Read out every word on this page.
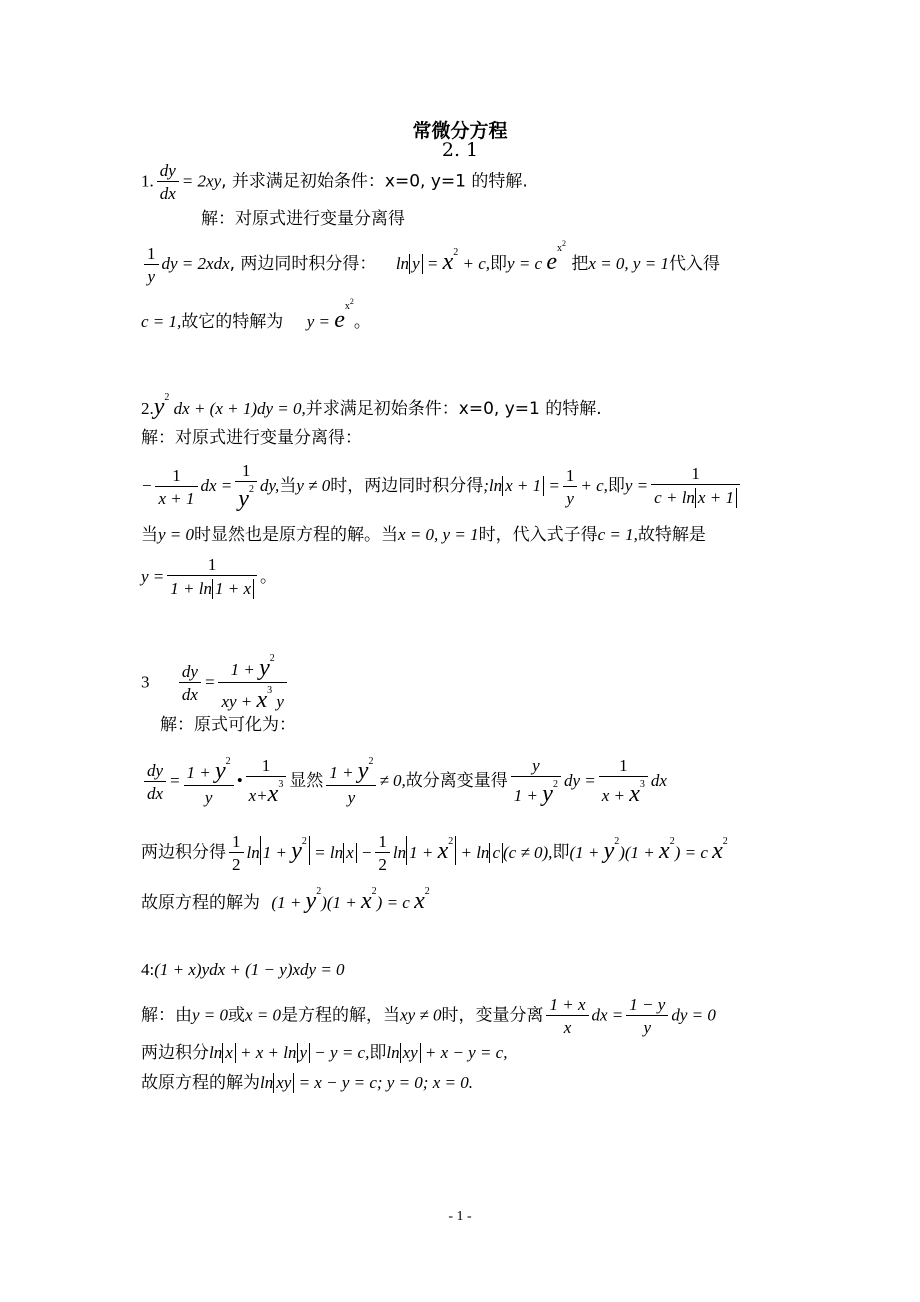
常微分方程
2. 1
1. $\frac{dy}{dx} = 2xy$, 并求满足初始条件：x=0, y=1 的特解.
解：对原式进行变量分离得
$\frac{1}{y}$ dy = 2xdx, 两边同时积分得： $\ln y = x^2 + c$,即y = c $e^{x^2}$ 把x = 0, y = 1代入得
c = 1,故它的特解为 $y = e^{x^2}$。
$2.y^2$ dx + (x + 1)dy = 0,并求满足初始条件：x=0, y=1 的特解.
解：对原式进行变量分离得：
− $\frac{1}{x + 1}$ dx = $\frac{1}{y^2}$ dy,当y ≠ 0时，两边同时积分得;ln $x + 1 = \frac{1}{y} + c$,即$y = \frac{1}{\text{c + ln x + 1}}$
当y = 0时显然也是原方程的解。当x = 0, y = 1时，代入式子得c = 1,故特解是
$y = \frac{1}{1 + \ln 1 + x}$ 。
$3 \frac{dy}{dx} = \frac{1 + y^2}{xy + x^3 y}$
解：原式可化为：
$\frac{dy}{dx} = \frac{1 + y^2}{y}$ • $\frac{1}{x+x^3}$ 显然 $\frac{1 + y^2}{y} \ne 0$,故分离变量得 $\frac{y}{1 + y^2}$ dy = $\frac{1}{x + x^3}$ dx
两边积分得 $\frac{1}{2}$ $\ln 1 + y^2 = \ln x - \frac{1}{2}$ $\ln 1 + x^2 + \ln c$ (c ≠ 0),即$(1 + y^2)(1 + x^2) = c$ $x^2$
故原方程的解为 $(1 + y^2)(1 + x^2) = c$ $x^2$
4:(1 + x)ydx + (1 − y)xdy = 0
解：由y = 0或x = 0是方程的解，当xy ≠ 0时，变量分离 $\frac{1 + x}{x}$ dx = $\frac{1 - y}{y}$ dy = 0
两边积分ln x + x + ln y − y = c,即ln xy + x − y = c,
故原方程的解为ln xy = x − y = c; y = 0; x = 0.
- 1 -
